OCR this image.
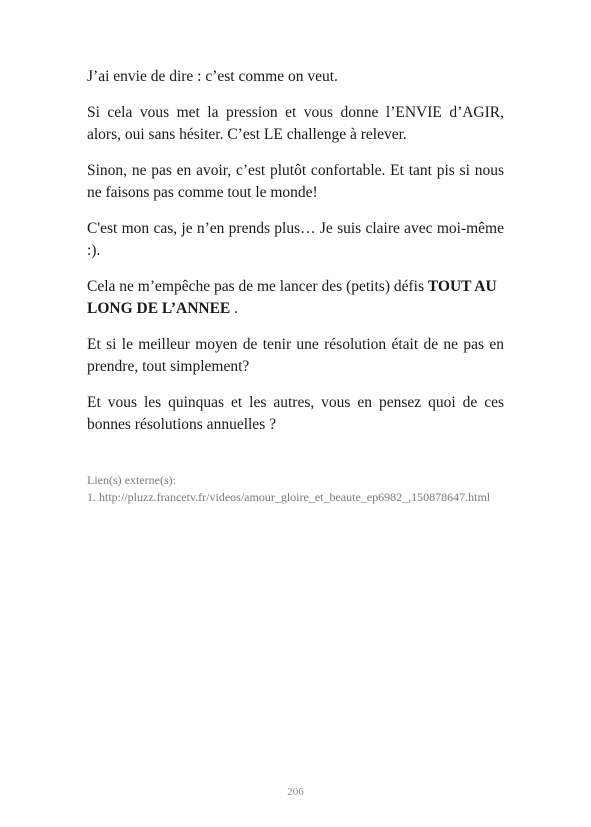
J’ai envie de dire : c’est comme on veut.

Si cela vous met la pression et vous donne l’ENVIE d’AGIR, alors, oui sans hésiter. C’est LE challenge à relever.

Sinon, ne pas en avoir, c’est plutôt confortable. Et tant pis si nous ne faisons pas comme tout le monde!

C'est mon cas, je n’en prends plus… Je suis claire avec moi-même :).

Cela ne m’empêche pas de me lancer des (petits) défis TOUT AU LONG DE L’ANNEE .

Et si le meilleur moyen de tenir une résolution était de ne pas en prendre, tout simplement?

Et vous les quinquas et les autres, vous en pensez quoi de ces bonnes résolutions annuelles ?

Lien(s) externe(s):

1. http://pluzz.francetv.fr/videos/amour_gloire_et_beaute_ep6982_,150878647.html

206
